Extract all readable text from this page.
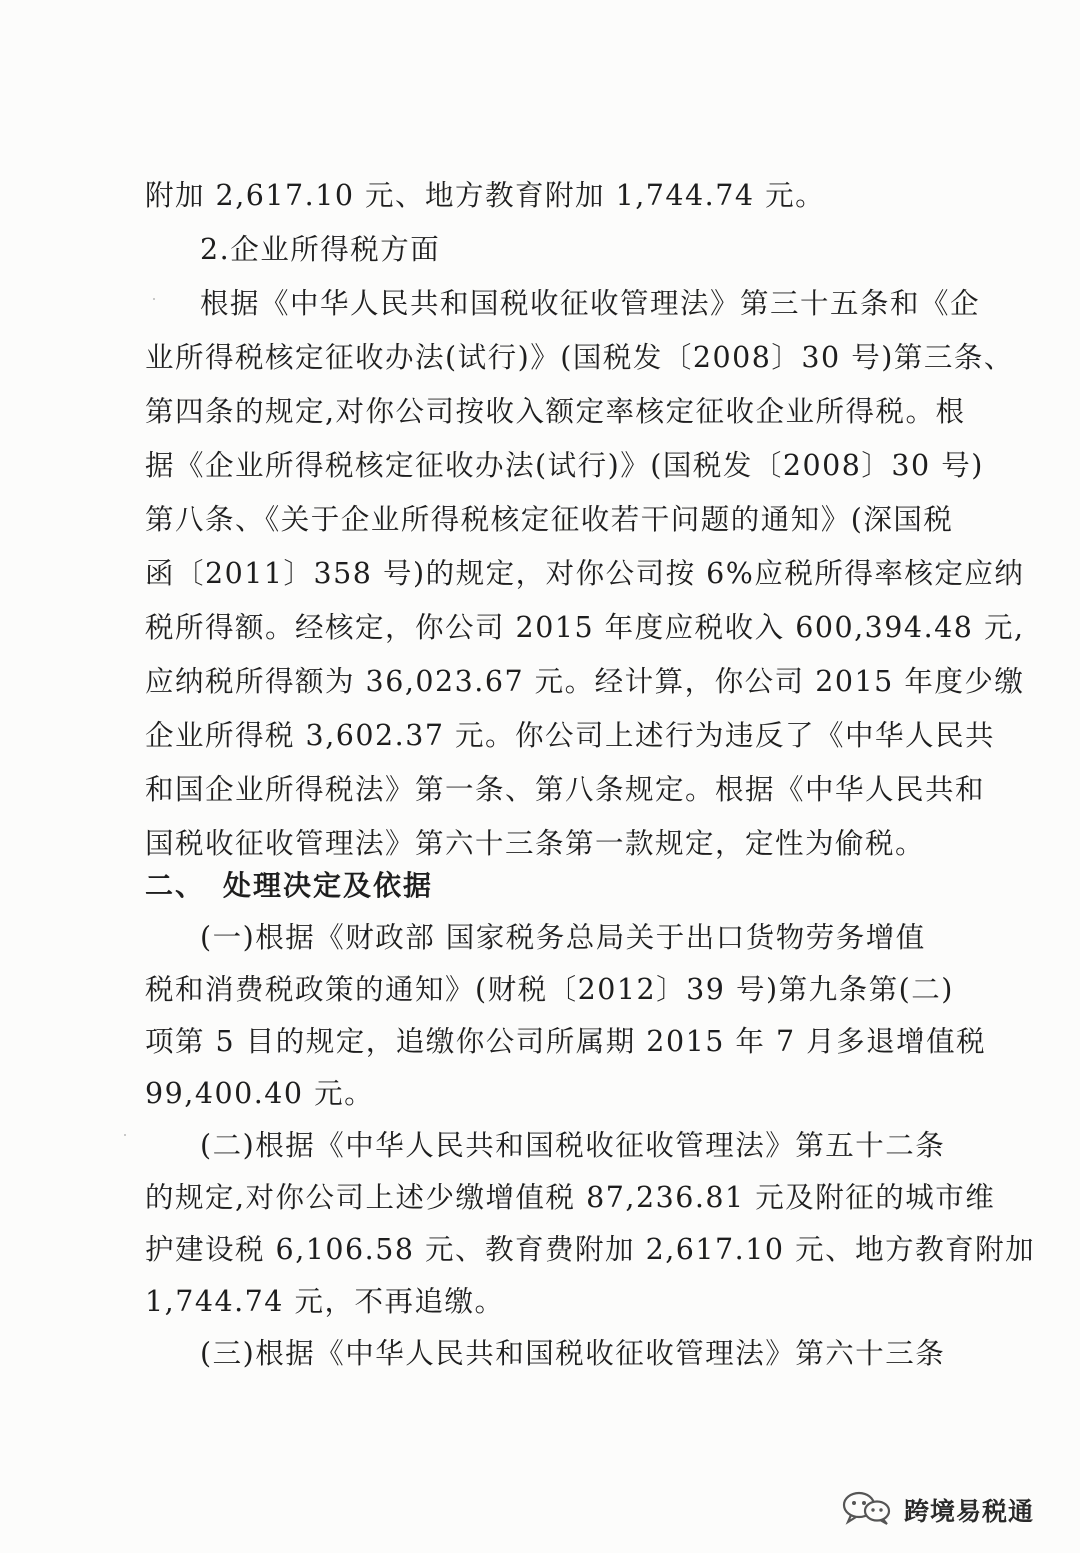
附加 2,617.10 元、地方教育附加 1,744.74 元。
2.企业所得税方面
根据《中华人民共和国税收征收管理法》第三十五条和《企
业所得税核定征收办法(试行)》(国税发〔2008〕30 号)第三条、
第四条的规定,对你公司按收入额定率核定征收企业所得税。根
据《企业所得税核定征收办法(试行)》(国税发〔2008〕30 号)
第八条、《关于企业所得税核定征收若干问题的通知》(深国税
函〔2011〕358 号)的规定，对你公司按 6%应税所得率核定应纳
税所得额。经核定，你公司 2015 年度应税收入 600,394.48 元,
应纳税所得额为 36,023.67 元。经计算，你公司 2015 年度少缴
企业所得税 3,602.37 元。你公司上述行为违反了《中华人民共
和国企业所得税法》第一条、第八条规定。根据《中华人民共和
国税收征收管理法》第六十三条第一款规定，定性为偷税。
二、 处理决定及依据
(一)根据《财政部 国家税务总局关于出口货物劳务增值
税和消费税政策的通知》(财税〔2012〕39 号)第九条第(二)
项第 5 目的规定，追缴你公司所属期 2015 年 7 月多退增值税
99,400.40 元。
(二)根据《中华人民共和国税收征收管理法》第五十二条
的规定,对你公司上述少缴增值税 87,236.81 元及附征的城市维
护建设税 6,106.58 元、教育费附加 2,617.10 元、地方教育附加
1,744.74 元，不再追缴。
(三)根据《中华人民共和国税收征收管理法》第六十三条
跨境易税通
